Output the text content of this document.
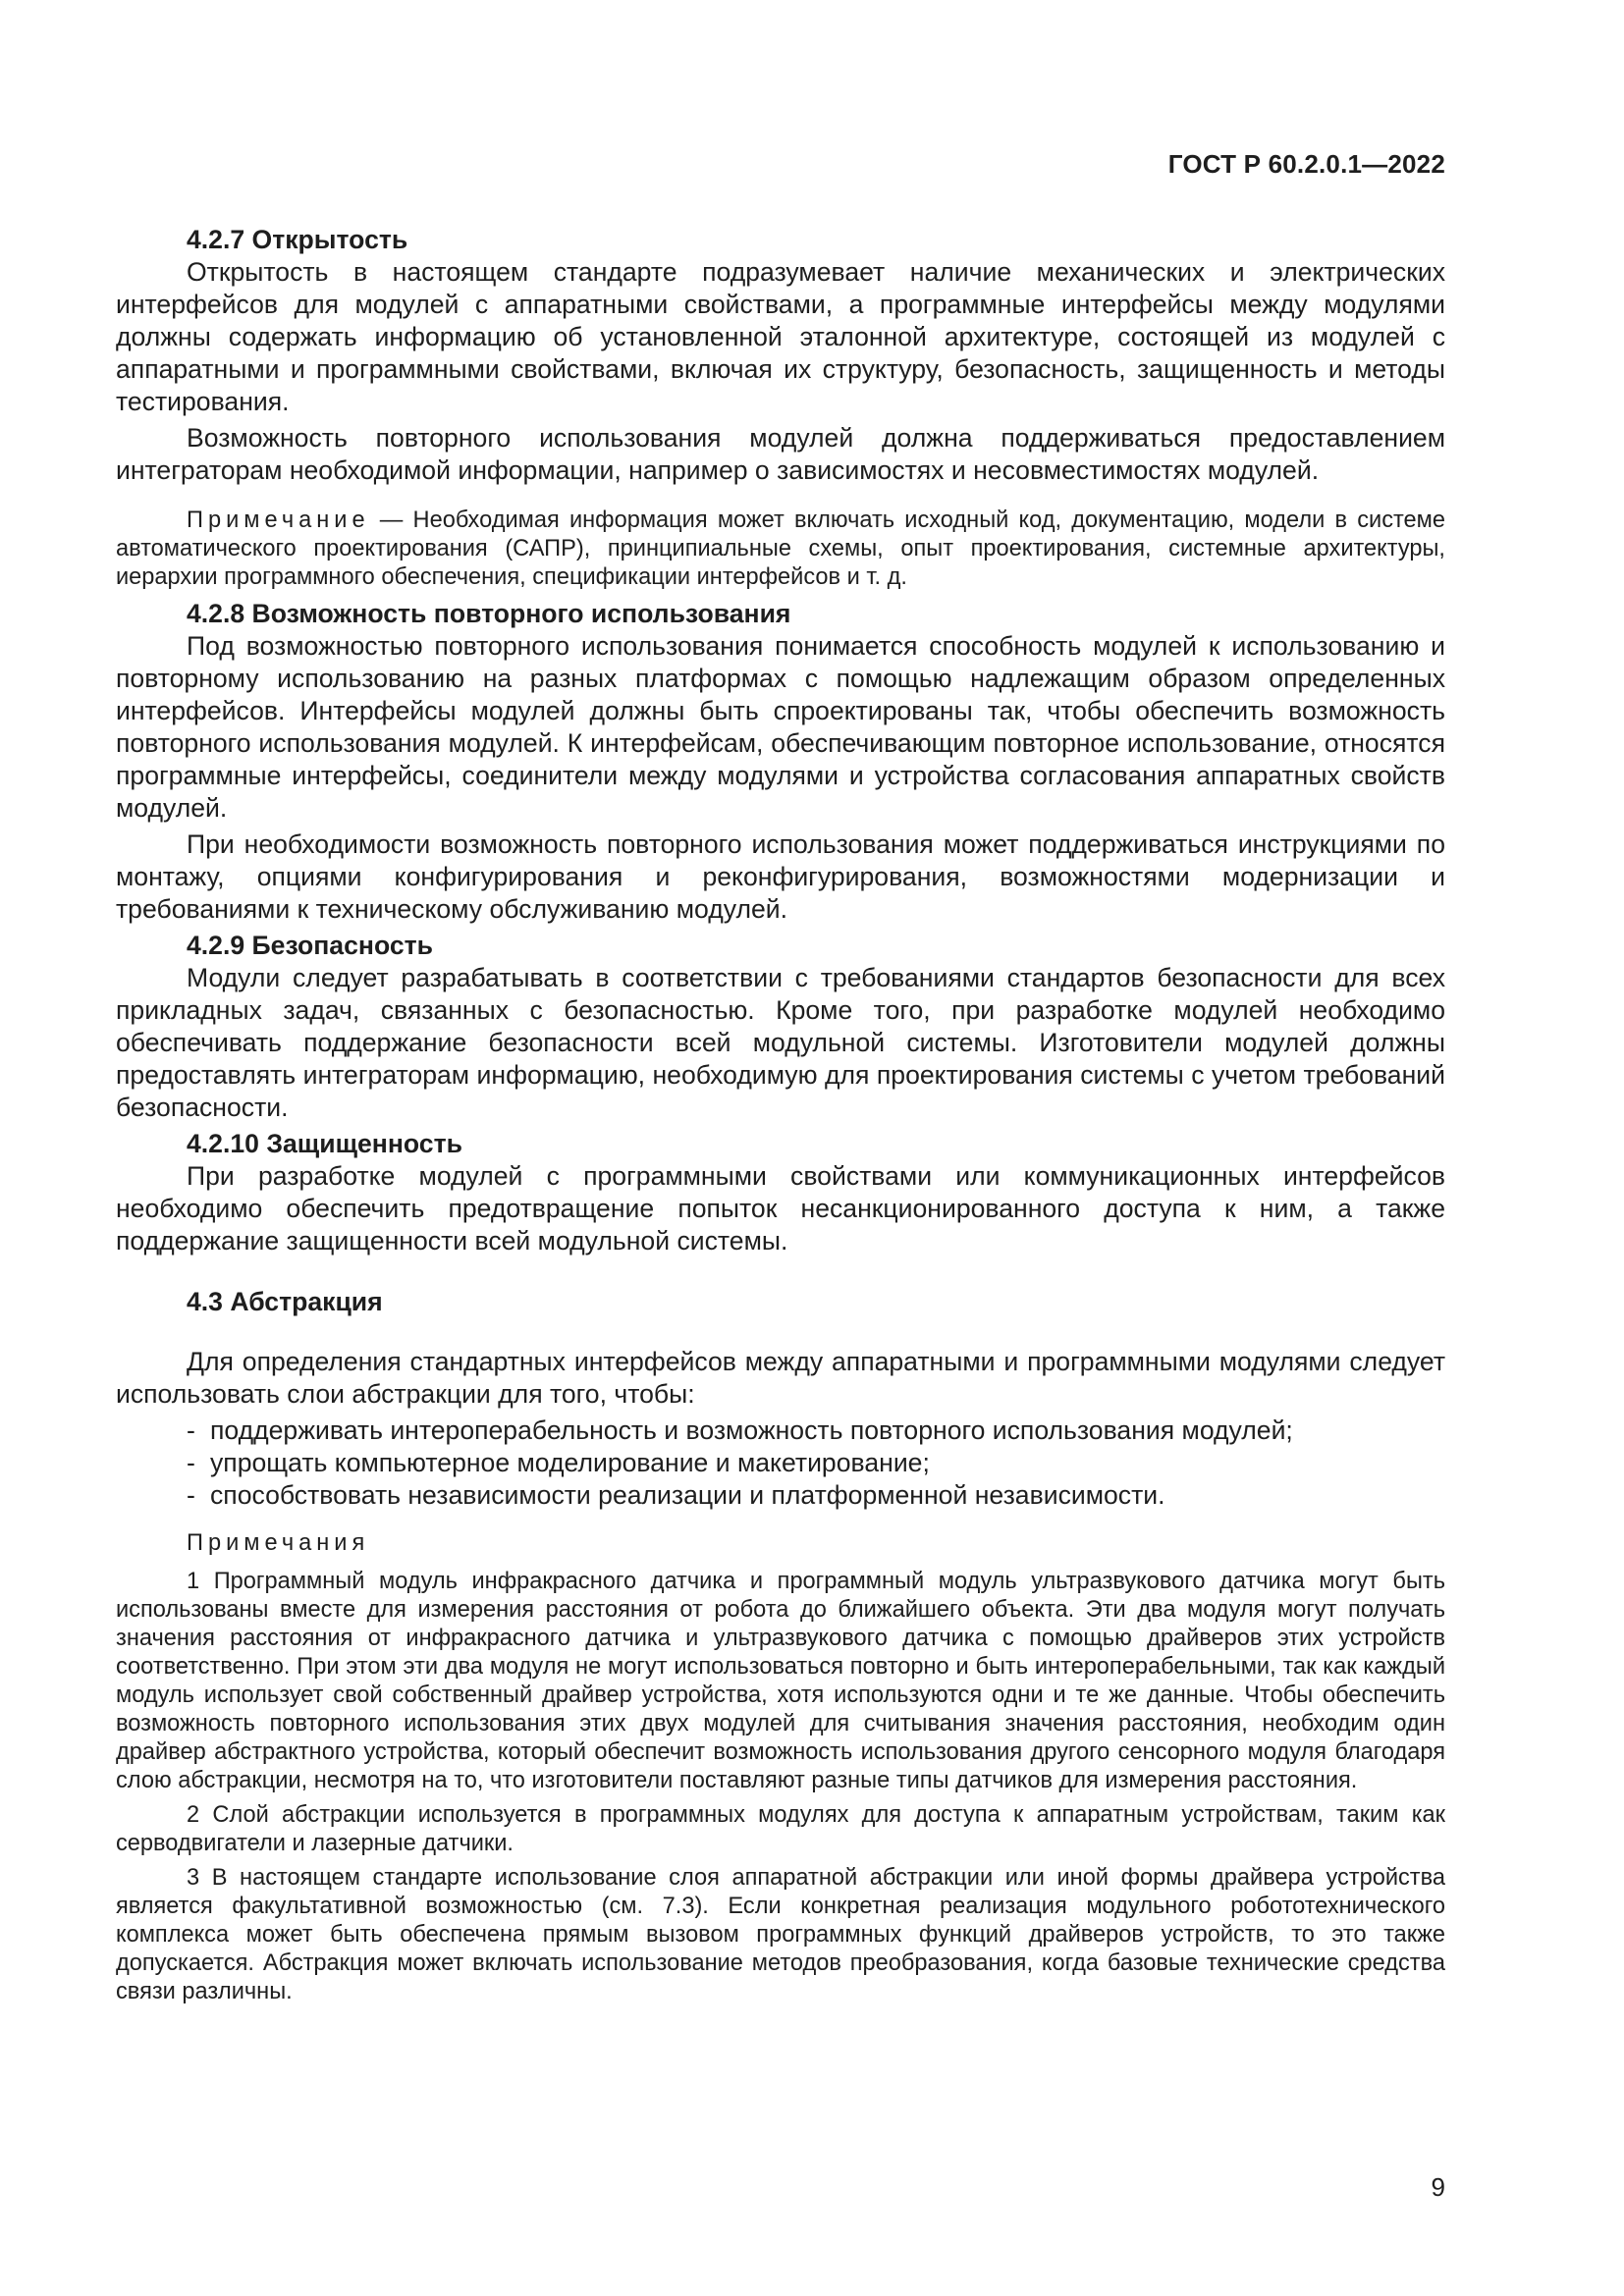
ГОСТ Р 60.2.0.1—2022

4.2.7 Открытость

Открытость в настоящем стандарте подразумевает наличие механических и электрических интерфейсов для модулей с аппаратными свойствами, а программные интерфейсы между модулями должны содержать информацию об установленной эталонной архитектуре, состоящей из модулей с аппаратными и программными свойствами, включая их структуру, безопасность, защищенность и методы тестирования.

Возможность повторного использования модулей должна поддерживаться предоставлением интеграторам необходимой информации, например о зависимостях и несовместимостях модулей.

Примечание — Необходимая информация может включать исходный код, документацию, модели в системе автоматического проектирования (САПР), принципиальные схемы, опыт проектирования, системные архитектуры, иерархии программного обеспечения, спецификации интерфейсов и т. д.

4.2.8 Возможность повторного использования

Под возможностью повторного использования понимается способность модулей к использованию и повторному использованию на разных платформах с помощью надлежащим образом определенных интерфейсов. Интерфейсы модулей должны быть спроектированы так, чтобы обеспечить возможность повторного использования модулей. К интерфейсам, обеспечивающим повторное использование, относятся программные интерфейсы, соединители между модулями и устройства согласования аппаратных свойств модулей.

При необходимости возможность повторного использования может поддерживаться инструкциями по монтажу, опциями конфигурирования и реконфигурирования, возможностями модернизации и требованиями к техническому обслуживанию модулей.

4.2.9 Безопасность

Модули следует разрабатывать в соответствии с требованиями стандартов безопасности для всех прикладных задач, связанных с безопасностью. Кроме того, при разработке модулей необходимо обеспечивать поддержание безопасности всей модульной системы. Изготовители модулей должны предоставлять интеграторам информацию, необходимую для проектирования системы с учетом требований безопасности.

4.2.10 Защищенность

При разработке модулей с программными свойствами или коммуникационных интерфейсов необходимо обеспечить предотвращение попыток несанкционированного доступа к ним, а также поддержание защищенности всей модульной системы.

4.3 Абстракция

Для определения стандартных интерфейсов между аппаратными и программными модулями следует использовать слои абстракции для того, чтобы:

- поддерживать интероперабельность и возможность повторного использования модулей;
- упрощать компьютерное моделирование и макетирование;
- способствовать независимости реализации и платформенной независимости.
Примечания

1 Программный модуль инфракрасного датчика и программный модуль ультразвукового датчика могут быть использованы вместе для измерения расстояния от робота до ближайшего объекта. Эти два модуля могут получать значения расстояния от инфракрасного датчика и ультразвукового датчика с помощью драйверов этих устройств соответственно. При этом эти два модуля не могут использоваться повторно и быть интероперабельными, так как каждый модуль использует свой собственный драйвер устройства, хотя используются одни и те же данные. Чтобы обеспечить возможность повторного использования этих двух модулей для считывания значения расстояния, необходим один драйвер абстрактного устройства, который обеспечит возможность использования другого сенсорного модуля благодаря слою абстракции, несмотря на то, что изготовители поставляют разные типы датчиков для измерения расстояния.

2 Слой абстракции используется в программных модулях для доступа к аппаратным устройствам, таким как серводвигатели и лазерные датчики.

3 В настоящем стандарте использование слоя аппаратной абстракции или иной формы драйвера устройства является факультативной возможностью (см. 7.3). Если конкретная реализация модульного робототехнического комплекса может быть обеспечена прямым вызовом программных функций драйверов устройств, то это также допускается. Абстракция может включать использование методов преобразования, когда базовые технические средства связи различны.

9
